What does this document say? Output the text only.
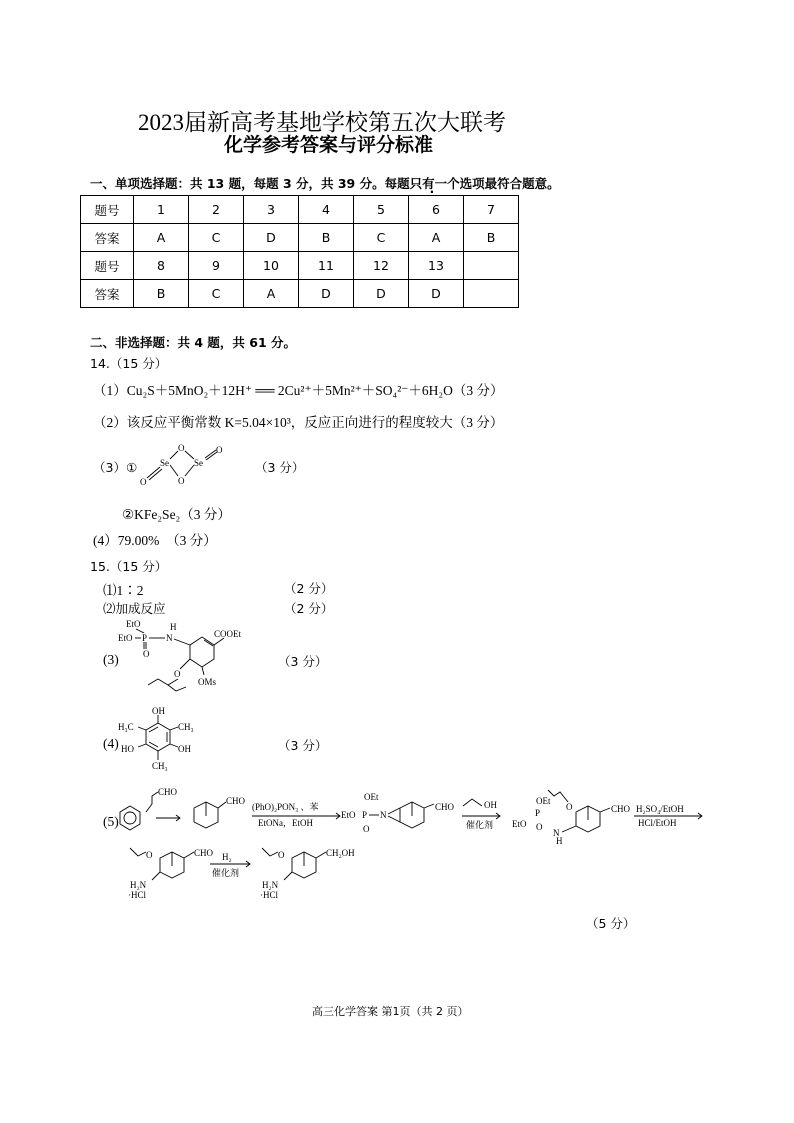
2023届新高考基地学校第五次大联考
化学参考答案与评分标准
一、单项选择题：共 13 题，每题 3 分，共 39 分。每题只有一个选项最符合题意。
题号	1	2	3	4	5	6	7
答案	A	C	D	B	C	A	B
题号	8	9	10	11	12	13	
答案	B	C	A	D	D	D	
二、非选择题：共 4 题，共 61 分。
14.（15 分）
（1）Cu₂S＋5MnO₂＋12H⁺ ══ 2Cu²⁺＋5Mn²⁺＋SO₄²⁻＋6H₂O（3 分）
（2）该反应平衡常数 K=5.04×10³，反应正向进行的程度较大（3 分）
（3）①	Se	Se
O
O
O
O
（3 分）
②KFe₂Se₂（3 分）
(4）79.00%　（3 分）
15.（15 分）
⑴1∶2	（2 分）
⑵加成反应	（2 分）
(3)
EtO
EtO P
O
N
H
COOEt
O
OMs
（3 分）
(4)
OH
H₃C	CH₃
HO	OH
CH₃
（3 分）
(5)
CHO
CHO
(PhO)₂PON₃ 、苯
EtONa，EtOH
EtO P
OEt
O
N
CHO	OH
催化剂 EtO
P
OEt
O
N
H
O	CHO H₂SO₄/EtOH
HCl/EtOH
O	CHO
H₂N
·HCl
H₂
催化剂
O	CH₂OH
H₂N
·HCl
（5 分）
高三化学答案 第1页（共 2 页）
